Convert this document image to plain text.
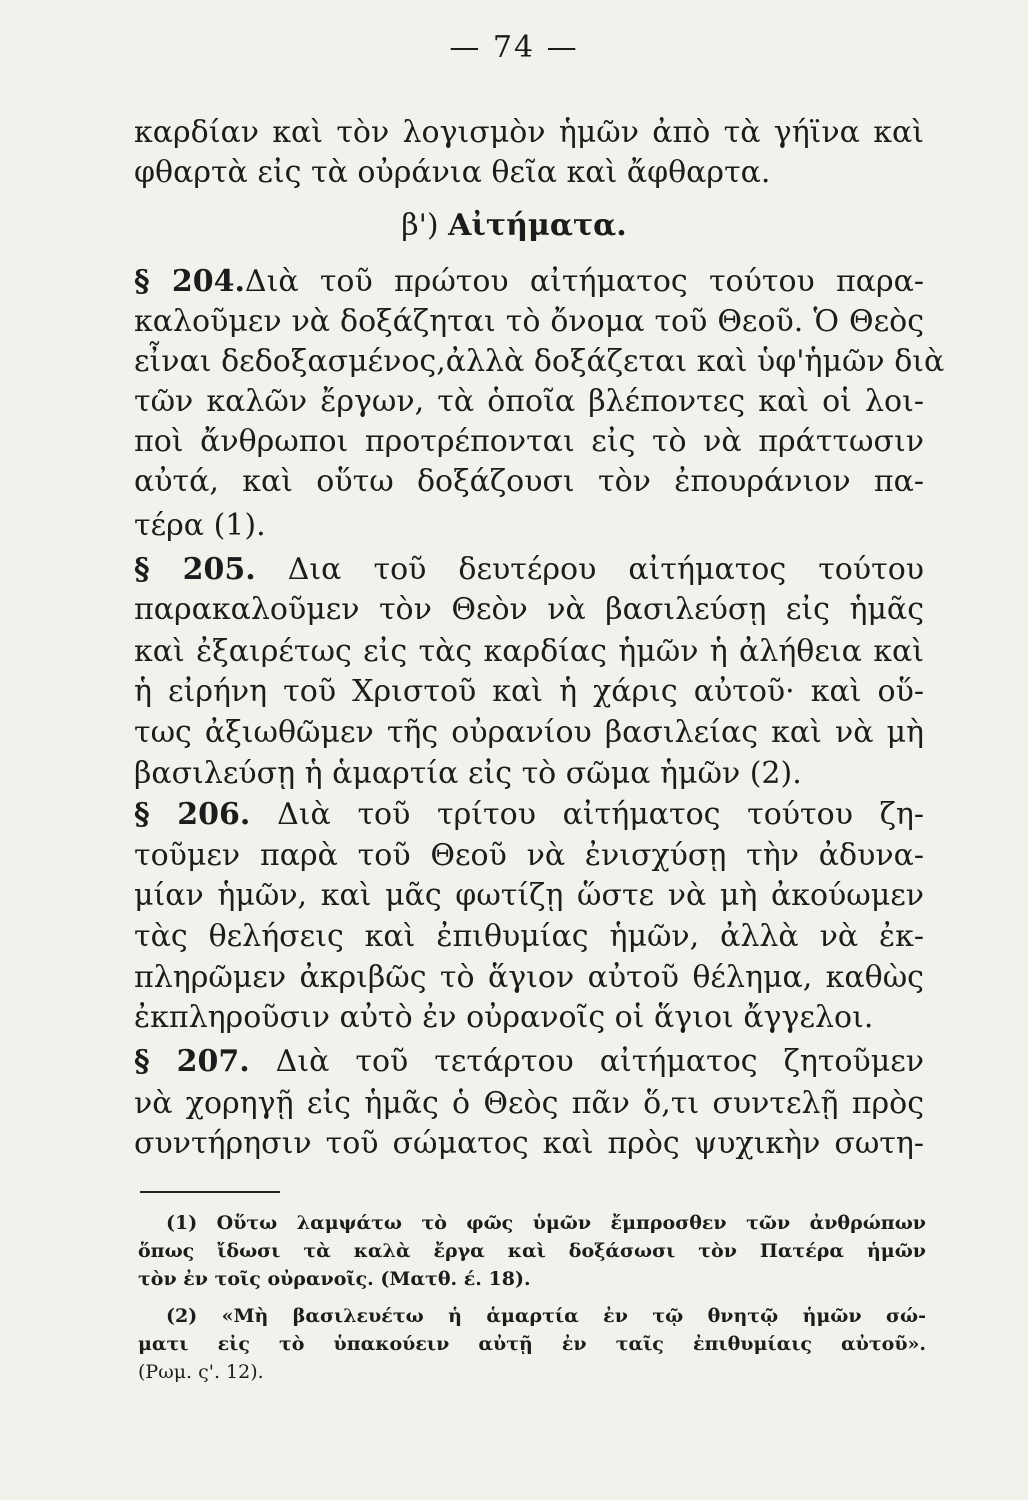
— 74 —
καρδίαν καὶ τὸν λογισμὸν ἡμῶν ἀπὸ τὰ γήϊνα καὶ
φθαρτὰ εἰς τὰ οὐράνια θεῖα καὶ ἄφθαρτα.
β') Αἰτήματα.
§ 204.Διὰ τοῦ πρώτου αἰτήματος τούτου παρα-
καλοῦμεν νὰ δοξάζηται τὸ ὄνομα τοῦ Θεοῦ. Ὁ Θεὸς
εἶναι δεδοξασμένος,ἀλλὰ δοξάζεται καὶ ὑφ'ἡμῶν διὰ
τῶν καλῶν ἔργων, τὰ ὁποῖα βλέποντες καὶ οἱ λοι-
ποὶ ἄνθρωποι προτρέπονται εἰς τὸ νὰ πράττωσιν
αὐτά, καὶ οὕτω δοξάζουσι τὸν ἐπουράνιον πα-
τέρα (1).
§ 205. Δια τοῦ δευτέρου αἰτήματος τούτου
παρακαλοῦμεν τὸν Θεὸν νὰ βασιλεύσῃ εἰς ἡμᾶς
καὶ ἐξαιρέτως εἰς τὰς καρδίας ἡμῶν ἡ ἀλήθεια καὶ
ἡ εἰρήνη τοῦ Χριστοῦ καὶ ἡ χάρις αὐτοῦ· καὶ οὕ-
τως ἀξιωθῶμεν τῆς οὐρανίου βασιλείας καὶ νὰ μὴ
βασιλεύσῃ ἡ ἁμαρτία εἰς τὸ σῶμα ἡμῶν (2).
§ 206. Διὰ τοῦ τρίτου αἰτήματος τούτου ζη-
τοῦμεν παρὰ τοῦ Θεοῦ νὰ ἐνισχύσῃ τὴν ἀδυνα-
μίαν ἡμῶν, καὶ μᾶς φωτίζῃ ὥστε νὰ μὴ ἀκούωμεν
τὰς θελήσεις καὶ ἐπιθυμίας ἡμῶν, ἀλλὰ νὰ ἐκ-
πληρῶμεν ἀκριβῶς τὸ ἅγιον αὐτοῦ θέλημα, καθὼς
ἐκπληροῦσιν αὐτὸ ἐν οὐρανοῖς οἱ ἅγιοι ἄγγελοι.
§ 207. Διὰ τοῦ τετάρτου αἰτήματος ζητοῦμεν
νὰ χορηγῇ εἰς ἡμᾶς ὁ Θεὸς πᾶν ὅ,τι συντελῇ πρὸς
συντήρησιν τοῦ σώματος καὶ πρὸς ψυχικὴν σωτη-
(1) Οὕτω λαμψάτω τὸ φῶς ὑμῶν ἔμπροσθεν τῶν ἀνθρώπων
ὅπως ἴδωσι τὰ καλὰ ἔργα καὶ δοξάσωσι τὸν Πατέρα ἡμῶν
τὸν ἐν τοῖς οὐρανοῖς. (Ματθ. έ. 18).
(2) «Μὴ βασιλευέτω ἡ ἁμαρτία ἐν τῷ θνητῷ ἡμῶν σώ-
ματι εἰς τὸ ὑπακούειν αὐτῇ ἐν ταῖς ἐπιθυμίαις αὐτοῦ».
(Ρωμ. ς'. 12).
